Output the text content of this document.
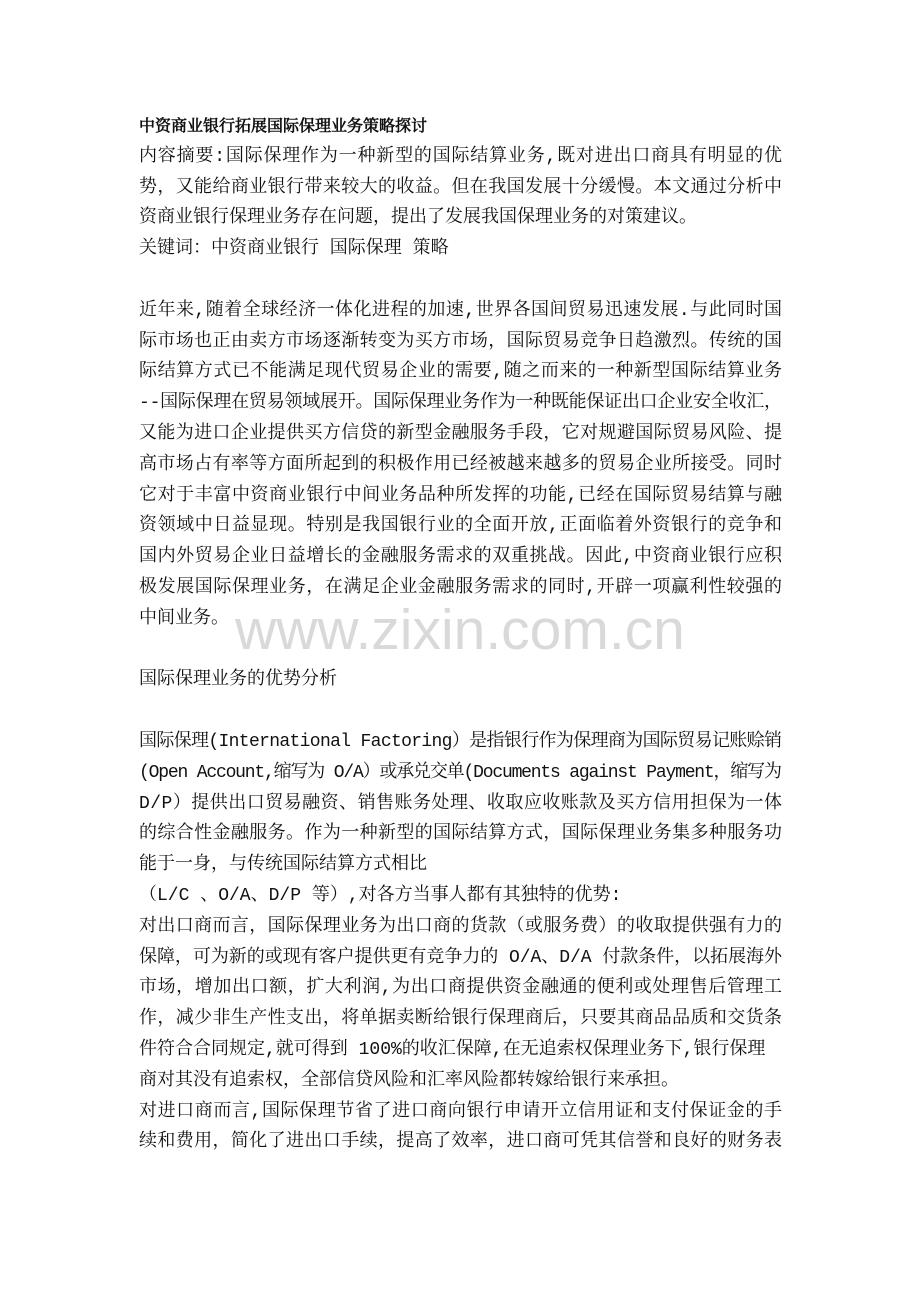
www.zixin.com.cn
中资商业银行拓展国际保理业务策略探讨
内容摘要:国际保理作为一种新型的国际结算业务,既对进出口商具有明显的优
势，又能给商业银行带来较大的收益。但在我国发展十分缓慢。本文通过分析中
资商业银行保理业务存在问题，提出了发展我国保理业务的对策建议。
关键词：中资商业银行 国际保理 策略
近年来,随着全球经济一体化进程的加速,世界各国间贸易迅速发展.与此同时国
际市场也正由卖方市场逐渐转变为买方市场，国际贸易竞争日趋激烈。传统的国
际结算方式已不能满足现代贸易企业的需要,随之而来的一种新型国际结算业务
--国际保理在贸易领域展开。国际保理业务作为一种既能保证出口企业安全收汇，
又能为进口企业提供买方信贷的新型金融服务手段，它对规避国际贸易风险、提
高市场占有率等方面所起到的积极作用已经被越来越多的贸易企业所接受。同时
它对于丰富中资商业银行中间业务品种所发挥的功能,已经在国际贸易结算与融
资领域中日益显现。特别是我国银行业的全面开放,正面临着外资银行的竞争和
国内外贸易企业日益增长的金融服务需求的双重挑战。因此,中资商业银行应积
极发展国际保理业务，在满足企业金融服务需求的同时,开辟一项赢利性较强的
中间业务。
国际保理业务的优势分析
国际保理(International Factoring）是指银行作为保理商为国际贸易记账赊销
(Open Account,缩写为 O/A）或承兑交单(Documents against Payment，缩写为
D/P）提供出口贸易融资、销售账务处理、收取应收账款及买方信用担保为一体
的综合性金融服务。作为一种新型的国际结算方式，国际保理业务集多种服务功
能于一身，与传统国际结算方式相比
（L/C 、O/A、D/P 等）,对各方当事人都有其独特的优势:
对出口商而言，国际保理业务为出口商的货款（或服务费）的收取提供强有力的
保障，可为新的或现有客户提供更有竞争力的 O/A、D/A 付款条件，以拓展海外
市场，增加出口额，扩大利润,为出口商提供资金融通的便利或处理售后管理工
作，减少非生产性支出，将单据卖断给银行保理商后，只要其商品品质和交货条
件符合合同规定,就可得到 100%的收汇保障,在无追索权保理业务下,银行保理
商对其没有追索权，全部信贷风险和汇率风险都转嫁给银行来承担。
对进口商而言,国际保理节省了进口商向银行申请开立信用证和支付保证金的手
续和费用，简化了进出口手续，提高了效率，进口商可凭其信誉和良好的财务表
